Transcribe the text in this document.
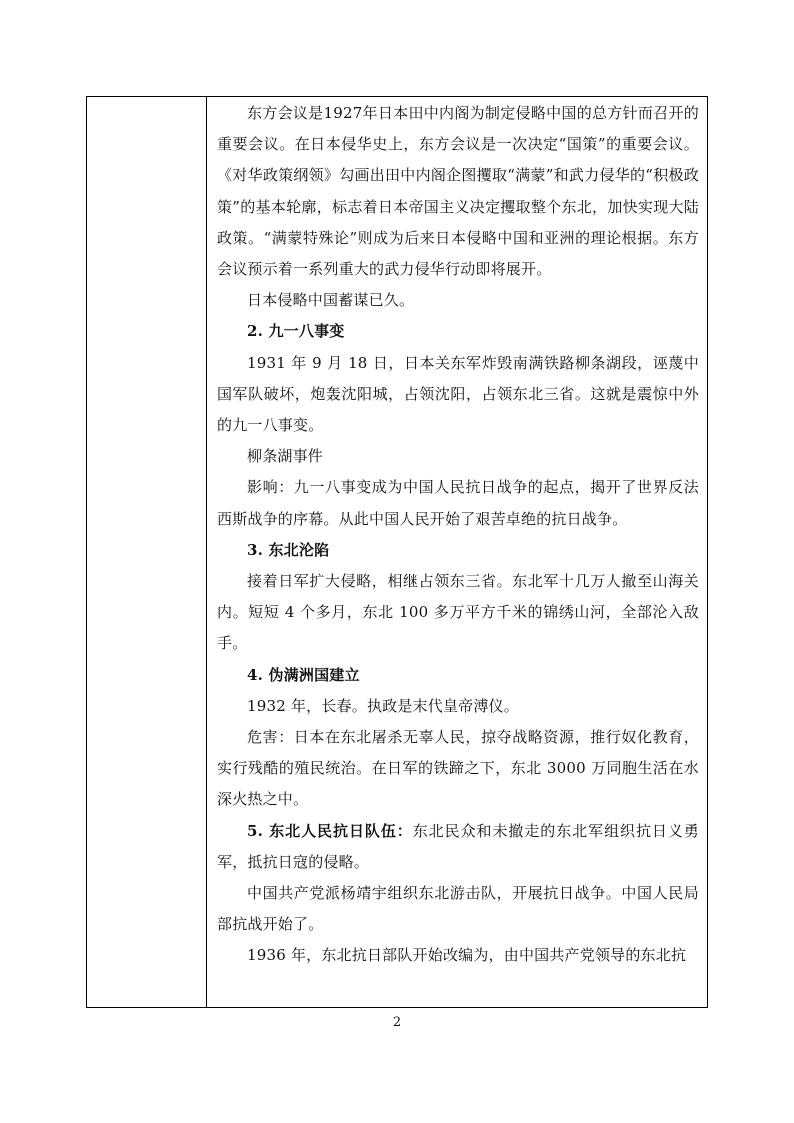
东方会议是1927年日本田中内阁为制定侵略中国的总方针而召开的重要会议。在日本侵华史上，东方会议是一次决定“国策”的重要会议。《对华政策纲领》勾画出田中内阁企图攫取“满蒙”和武力侵华的“积极政策”的基本轮廓，标志着日本帝国主义决定攫取整个东北，加快实现大陆政策。“满蒙特殊论”则成为后来日本侵略中国和亚洲的理论根据。东方会议预示着一系列重大的武力侵华行动即将展开。

日本侵略中国蓄谋已久。

2. 九一八事变

1931 年 9 月 18 日，日本关东军炸毁南满铁路柳条湖段，诬蔑中国军队破坏，炮轰沈阳城，占领沈阳，占领东北三省。这就是震惊中外的九一八事变。

柳条湖事件

影响：九一八事变成为中国人民抗日战争的起点，揭开了世界反法西斯战争的序幕。从此中国人民开始了艰苦卓绝的抗日战争。

3. 东北沦陷

接着日军扩大侵略，相继占领东三省。东北军十几万人撤至山海关内。短短 4 个多月，东北 100 多万平方千米的锦绣山河，全部沦入敌手。

4. 伪满洲国建立

1932 年，长春。执政是末代皇帝溥仪。

危害：日本在东北屠杀无辜人民，掠夺战略资源，推行奴化教育，实行残酷的殖民统治。在日军的铁蹄之下，东北 3000 万同胞生活在水深火热之中。

5. 东北人民抗日队伍：东北民众和未撤走的东北军组织抗日义勇军，抵抗日寇的侵略。

中国共产党派杨靖宇组织东北游击队，开展抗日战争。中国人民局部抗战开始了。

1936 年，东北抗日部队开始改编为，由中国共产党领导的东北抗

2
